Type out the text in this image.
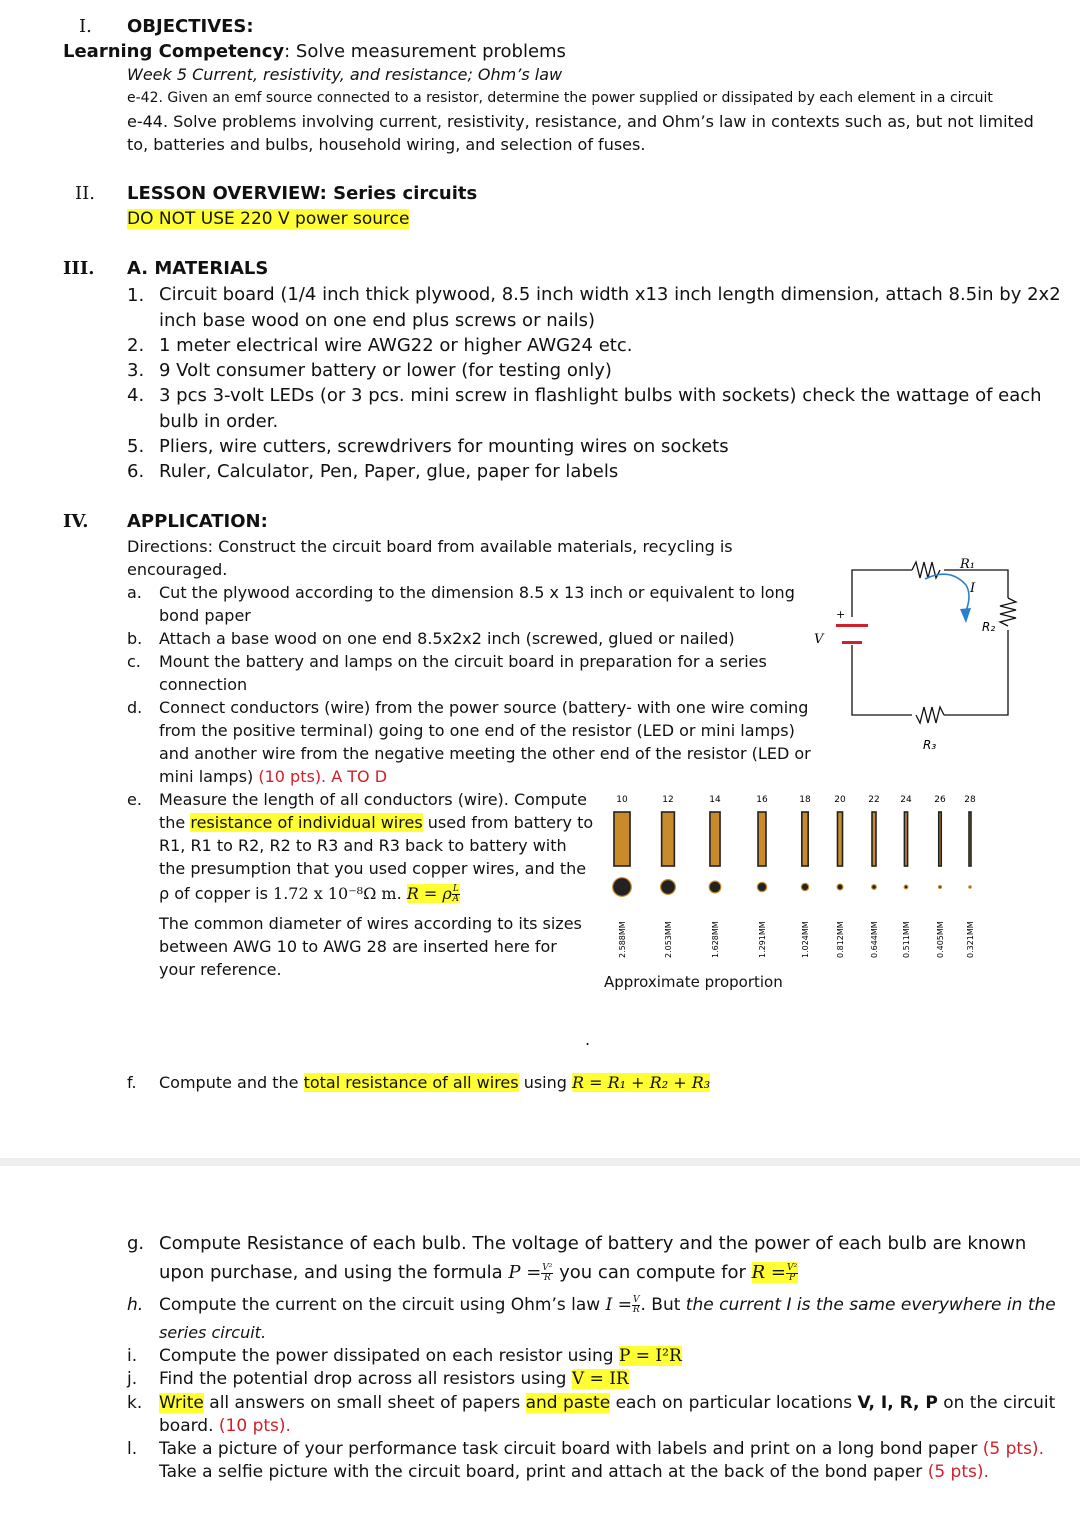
I. OBJECTIVES:
Learning Competency: Solve measurement problems
Week 5 Current, resistivity, and resistance; Ohm’s law
e-42. Given an emf source connected to a resistor, determine the power supplied or dissipated by each element in a circuit
e-44. Solve problems involving current, resistivity, resistance, and Ohm’s law in contexts such as, but not limited
to, batteries and bulbs, household wiring, and selection of fuses.
II. LESSON OVERVIEW: Series circuits
DO NOT USE 220 V power source
III. A. MATERIALS
1. Circuit board (1/4 inch thick plywood, 8.5 inch width x13 inch length dimension, attach 8.5in by 2x2
inch base wood on one end plus screws or nails)
2. 1 meter electrical wire AWG22 or higher AWG24 etc.
3. 9 Volt consumer battery or lower (for testing only)
4. 3 pcs 3-volt LEDs (or 3 pcs. mini screw in flashlight bulbs with sockets) check the wattage of each
bulb in order.
5. Pliers, wire cutters, screwdrivers for mounting wires on sockets
6. Ruler, Calculator, Pen, Paper, glue, paper for labels
IV. APPLICATION:
Directions: Construct the circuit board from available materials, recycling is
encouraged.
a. Cut the plywood according to the dimension 8.5 x 13 inch or equivalent to long
bond paper
b. Attach a base wood on one end 8.5x2x2 inch (screwed, glued or nailed)
c. Mount the battery and lamps on the circuit board in preparation for a series
connection
d. Connect conductors (wire) from the power source (battery- with one wire coming
from the positive terminal) going to one end of the resistor (LED or mini lamps)
and another wire from the negative meeting the other end of the resistor (LED or
mini lamps) (10 pts). A TO D
e. Measure the length of all conductors (wire). Compute
the resistance of individual wires used from battery to
R1, R1 to R2, R2 to R3 and R3 back to battery with
the presumption that you used copper wires, and the
ρ of copper is 1.72 x 10⁻⁸Ω m. R = ρ $\frac{L}{A}$
The common diameter of wires according to its sizes
between AWG 10 to AWG 28 are inserted here for
your reference.
.
f. Compute and the total resistance of all wires using R = R₁ + R₂ + R₃
R₁
I
R₂
R₃
V
+
10
2.588MM
12
2.053MM
14
1.628MM
16
1.291MM
18
1.024MM
20
0.812MM
22
0.644MM
24
0.511MM
26
0.405MM
28
0.321MM
Approximate proportion
g. Compute Resistance of each bulb. The voltage of battery and the power of each bulb are known
upon purchase, and using the formula $P = \frac{\text{V²}}{R}$ you can compute for $R = \frac{\text{V²}}{P}$
h. Compute the current on the circuit using Ohm’s law $I = \frac{V}{R}$ . But the current I is the same everywhere in the
series circuit.
i. Compute the power dissipated on each resistor using P = I²R
j. Find the potential drop across all resistors using V = IR
k. Write all answers on small sheet of papers and paste each on particular locations V, I, R, P on the circuit
board. (10 pts).
l. Take a picture of your performance task circuit board with labels and print on a long bond paper (5 pts).
Take a selfie picture with the circuit board, print and attach at the back of the bond paper (5 pts).
